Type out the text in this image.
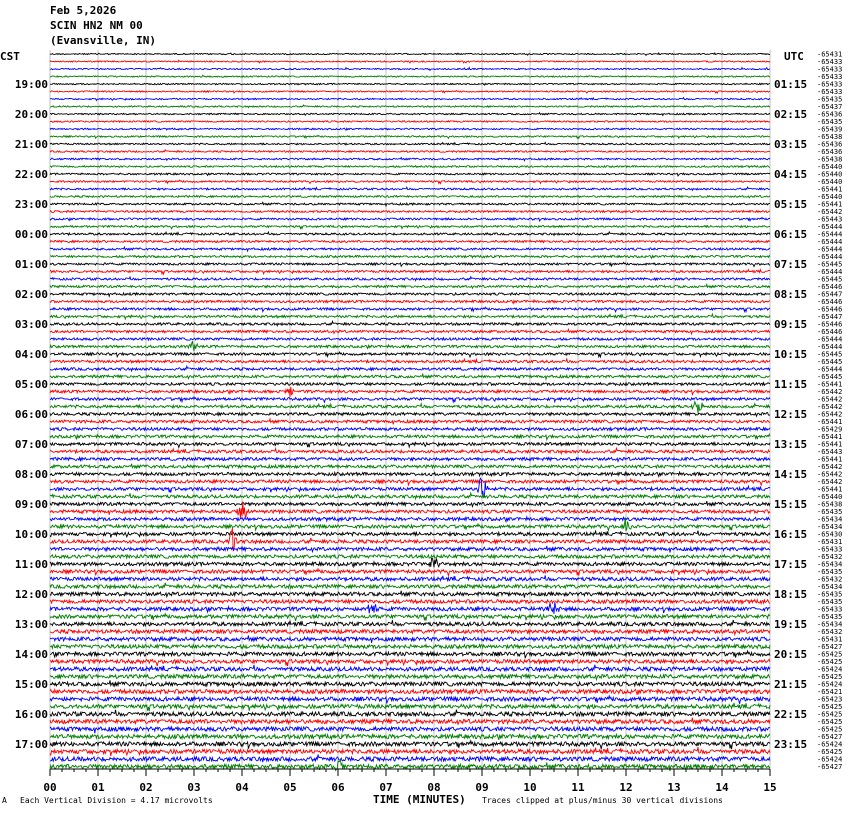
Feb 5,2026
SCIN HN2 NM 00
(Evansville, IN)
CST	UTC
19:00
20:00
21:00
22:00
23:00
00:00
01:00
02:00
03:00
04:00
05:00
06:00
07:00
08:00
09:00
10:00
11:00
12:00
13:00
14:00
15:00
16:00
17:00
01:15
02:15
03:15
04:15
05:15
06:15
07:15
08:15
09:15
10:15
11:15
12:15
13:15
14:15
15:15
16:15
17:15
18:15
19:15
20:15
21:15
22:15
23:15
-65431
-65433
-65433
-65433
-65433
-65433
-65435
-65437
-65436
-65435
-65439
-65438
-65436
-65436
-65438
-65440
-65440
-65440
-65441
-65440
-65441
-65442
-65443
-65444
-65444
-65444
-65444
-65444
-65445
-65444
-65445
-65446
-65447
-65446
-65446
-65447
-65446
-65446
-65444
-65444
-65445
-65445
-65444
-65445
-65441
-65442
-65442
-65442
-65442
-65441
-65429
-65441
-65441
-65443
-65441
-65442
-65442
-65442
-65441
-65440
-65438
-65435
-65434
-65434
-65430
-65431
-65433
-65432
-65434
-65435
-65432
-65434
-65435
-65435
-65433
-65435
-65434
-65432
-65431
-65427
-65425
-65425
-65424
-65425
-65424
-65421
-65423
-65425
-65425
-65425
-65425
-65427
-65424
-65425
-65424
-65427
00	01	02	03	04	05	06	07	08	09	10	11	12	13	14	15
A Each Vertical Division = 4.17 microvolts	TIME (MINUTES) Traces clipped at plus/minus 30 vertical divisions
